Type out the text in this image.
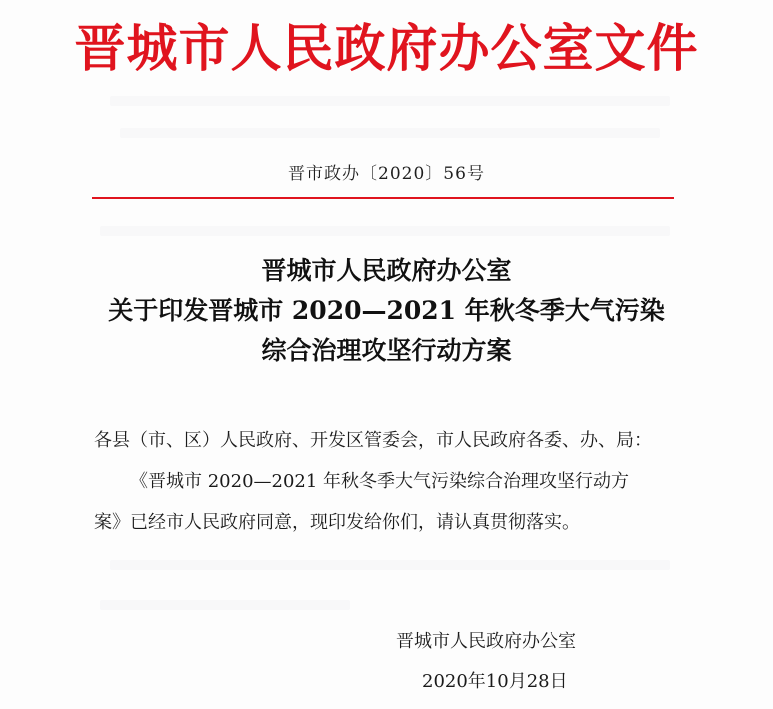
晋城市人民政府办公室文件
晋市政办〔2020〕56号
晋城市人民政府办公室
关于印发晋城市 2020—2021 年秋冬季大气污染
综合治理攻坚行动方案
各县（市、区）人民政府、开发区管委会，市人民政府各委、办、局：
《晋城市 2020—2021 年秋冬季大气污染综合治理攻坚行动方
案》已经市人民政府同意，现印发给你们，请认真贯彻落实。
晋城市人民政府办公室
2020年10月28日
